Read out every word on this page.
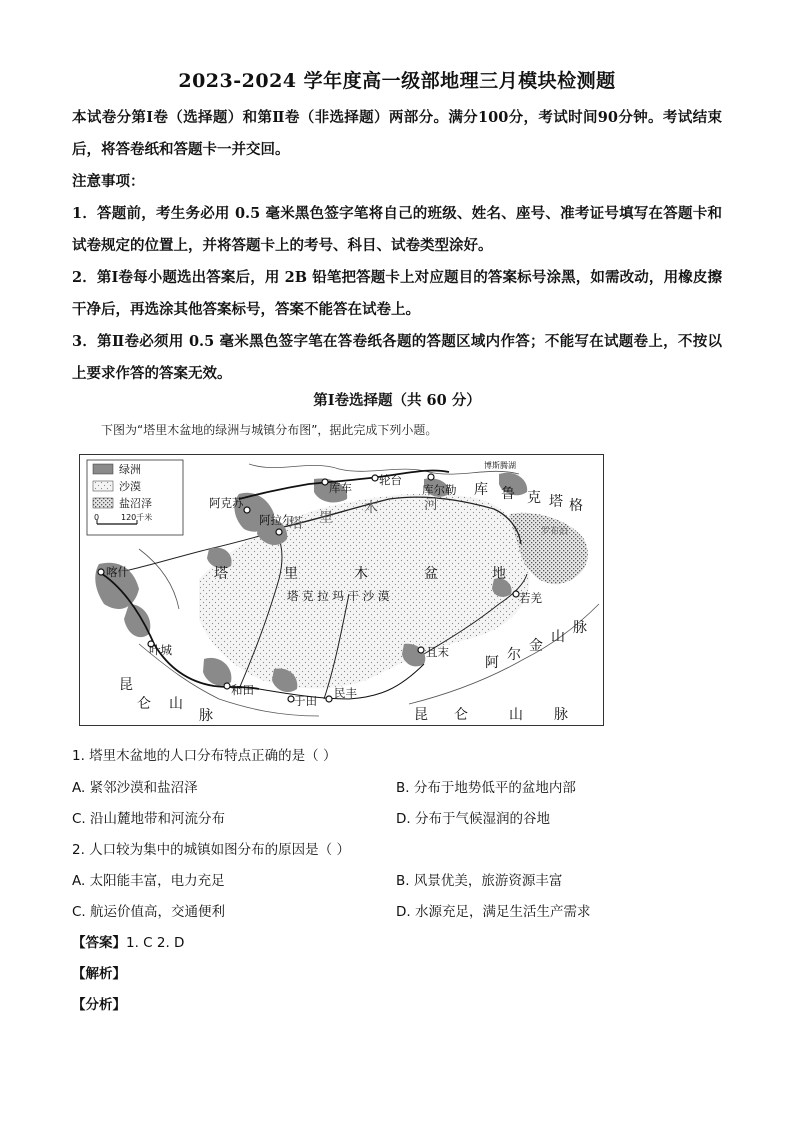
2023-2024 学年度高一级部地理三月模块检测题
本试卷分第Ⅰ卷（选择题）和第Ⅱ卷（非选择题）两部分。满分100分，考试时间90分钟。考试结束后，将答卷纸和答题卡一并交回。
注意事项：
1．答题前，考生务必用 0.5 毫米黑色签字笔将自己的班级、姓名、座号、准考证号填写在答题卡和试卷规定的位置上，并将答题卡上的考号、科目、试卷类型涂好。
2．第Ⅰ卷每小题选出答案后，用 2B 铅笔把答题卡上对应题目的答案标号涂黑，如需改动，用橡皮擦干净后，再选涂其他答案标号，答案不能答在试卷上。
3．第Ⅱ卷必须用 0.5 毫米黑色签字笔在答卷纸各题的答题区域内作答；不能写在试题卷上，不按以上要求作答的答案无效。
第Ⅰ卷选择题（共 60 分）
下图为“塔里木盆地的绿洲与城镇分布图”，据此完成下列小题。
绿洲
沙漠
盐沼泽
0	120千米
库车
轮台
库尔勒
阿克苏
阿拉尔
喀什
叶城
和田
于田
民丰
且末
若羌
塔	里	木	盆	地
塔 克 拉 玛 干 沙 漠
库 鲁 克 塔 格
阿 尔
金
山
脉
昆
仑 山
脉	昆 仑	山 脉
塔 里
木	河
博斯腾湖
罗布泊
1. 塔里木盆地的人口分布特点正确的是（ ）
A. 紧邻沙漠和盐沼泽	B. 分布于地势低平的盆地内部
C. 沿山麓地带和河流分布	D. 分布于气候湿润的谷地
2. 人口较为集中的城镇如图分布的原因是（ ）
A. 太阳能丰富，电力充足	B. 风景优美，旅游资源丰富
C. 航运价值高，交通便利	D. 水源充足，满足生活生产需求
【答案】1. C 2. D
【解析】
【分析】
